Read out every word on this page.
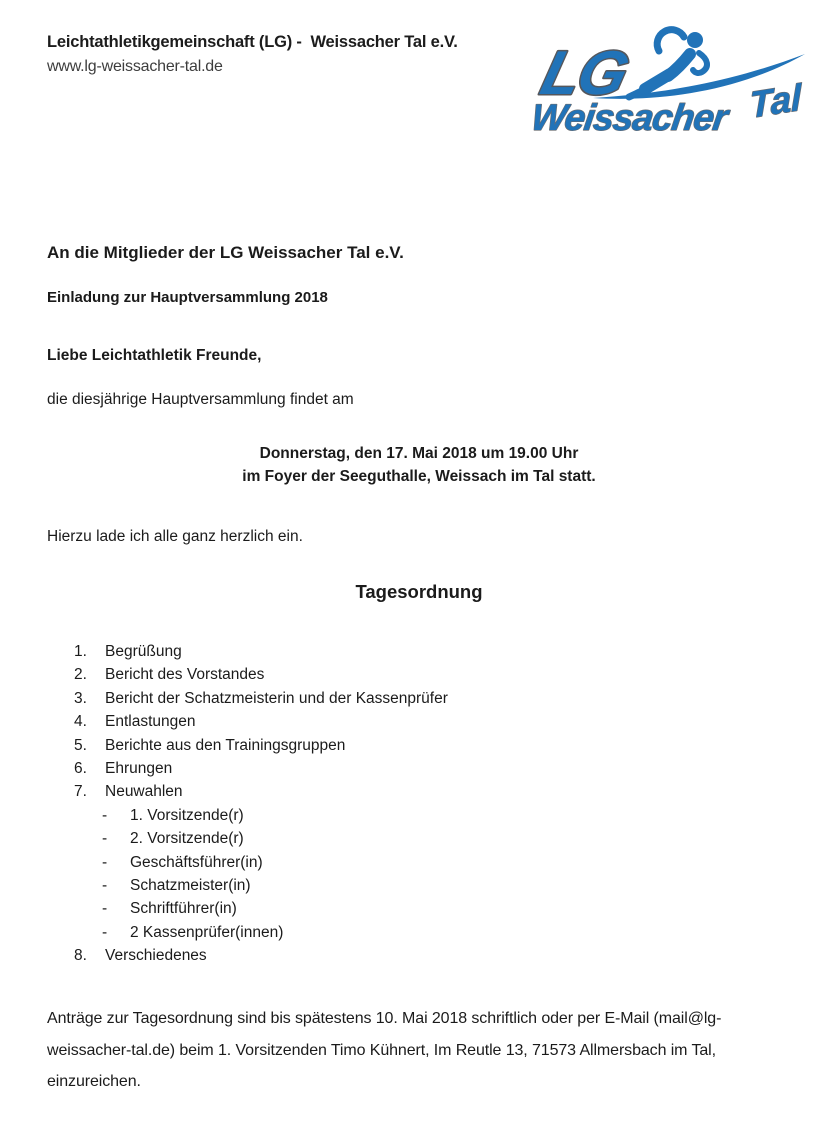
Leichtathletikgemeinschaft (LG) -  Weissacher Tal e.V.
www.lg-weissacher-tal.de	LG
Weissacher Tal
An die Mitglieder der LG Weissacher Tal e.V.
Einladung zur Hauptversammlung 2018
Liebe Leichtathletik Freunde,
die diesjährige Hauptversammlung findet am
Donnerstag, den 17. Mai 2018 um 19.00 Uhr
im Foyer der Seeguthalle, Weissach im Tal statt.
Hierzu lade ich alle ganz herzlich ein.
Tagesordnung
1. Begrüßung
2. Bericht des Vorstandes
3. Bericht der Schatzmeisterin und der Kassenprüfer
4. Entlastungen
5. Berichte aus den Trainingsgruppen
6. Ehrungen
7. Neuwahlen
- 1. Vorsitzende(r)
- 2. Vorsitzende(r)
- Geschäftsführer(in)
- Schatzmeister(in)
- Schriftführer(in)
- 2 Kassenprüfer(innen)
8. Verschiedenes
Anträge zur Tagesordnung sind bis spätestens 10. Mai 2018 schriftlich oder per E-Mail (mail@lg-
weissacher-tal.de) beim 1. Vorsitzenden Timo Kühnert, Im Reutle 13, 71573 Allmersbach im Tal,
einzureichen.
